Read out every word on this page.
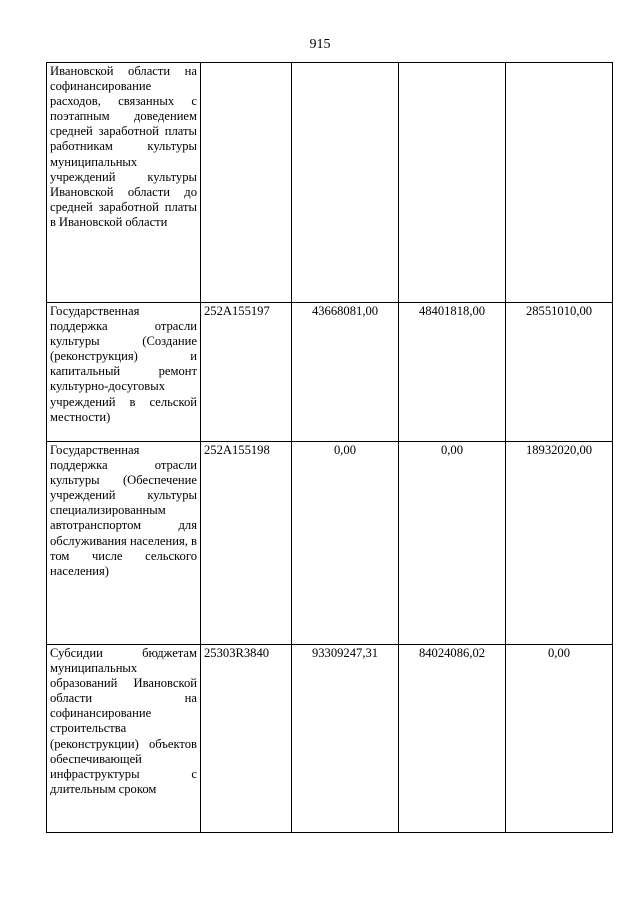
915
Ивановской области на софинансирование расходов, связанных с поэтапным доведением средней заработной платы работникам культуры муниципальных учреждений культуры Ивановской области до средней заработной платы в Ивановской области				
Государственная поддержка отрасли культуры (Создание (реконструкция) и капитальный ремонт культурно-досуговых учреждений в сельской местности)	252A155197	43668081,00	48401818,00	28551010,00
Государственная поддержка отрасли культуры (Обеспечение учреждений культуры специализированным автотранспортом для обслуживания населения, в том числе сельского населения)	252A155198	0,00	0,00	18932020,00
Субсидии бюджетам муниципальных образований Ивановской области на софинансирование строительства (реконструкции) объектов обеспечивающей инфраструктуры с длительным сроком	25303R3840	93309247,31	84024086,02	0,00
